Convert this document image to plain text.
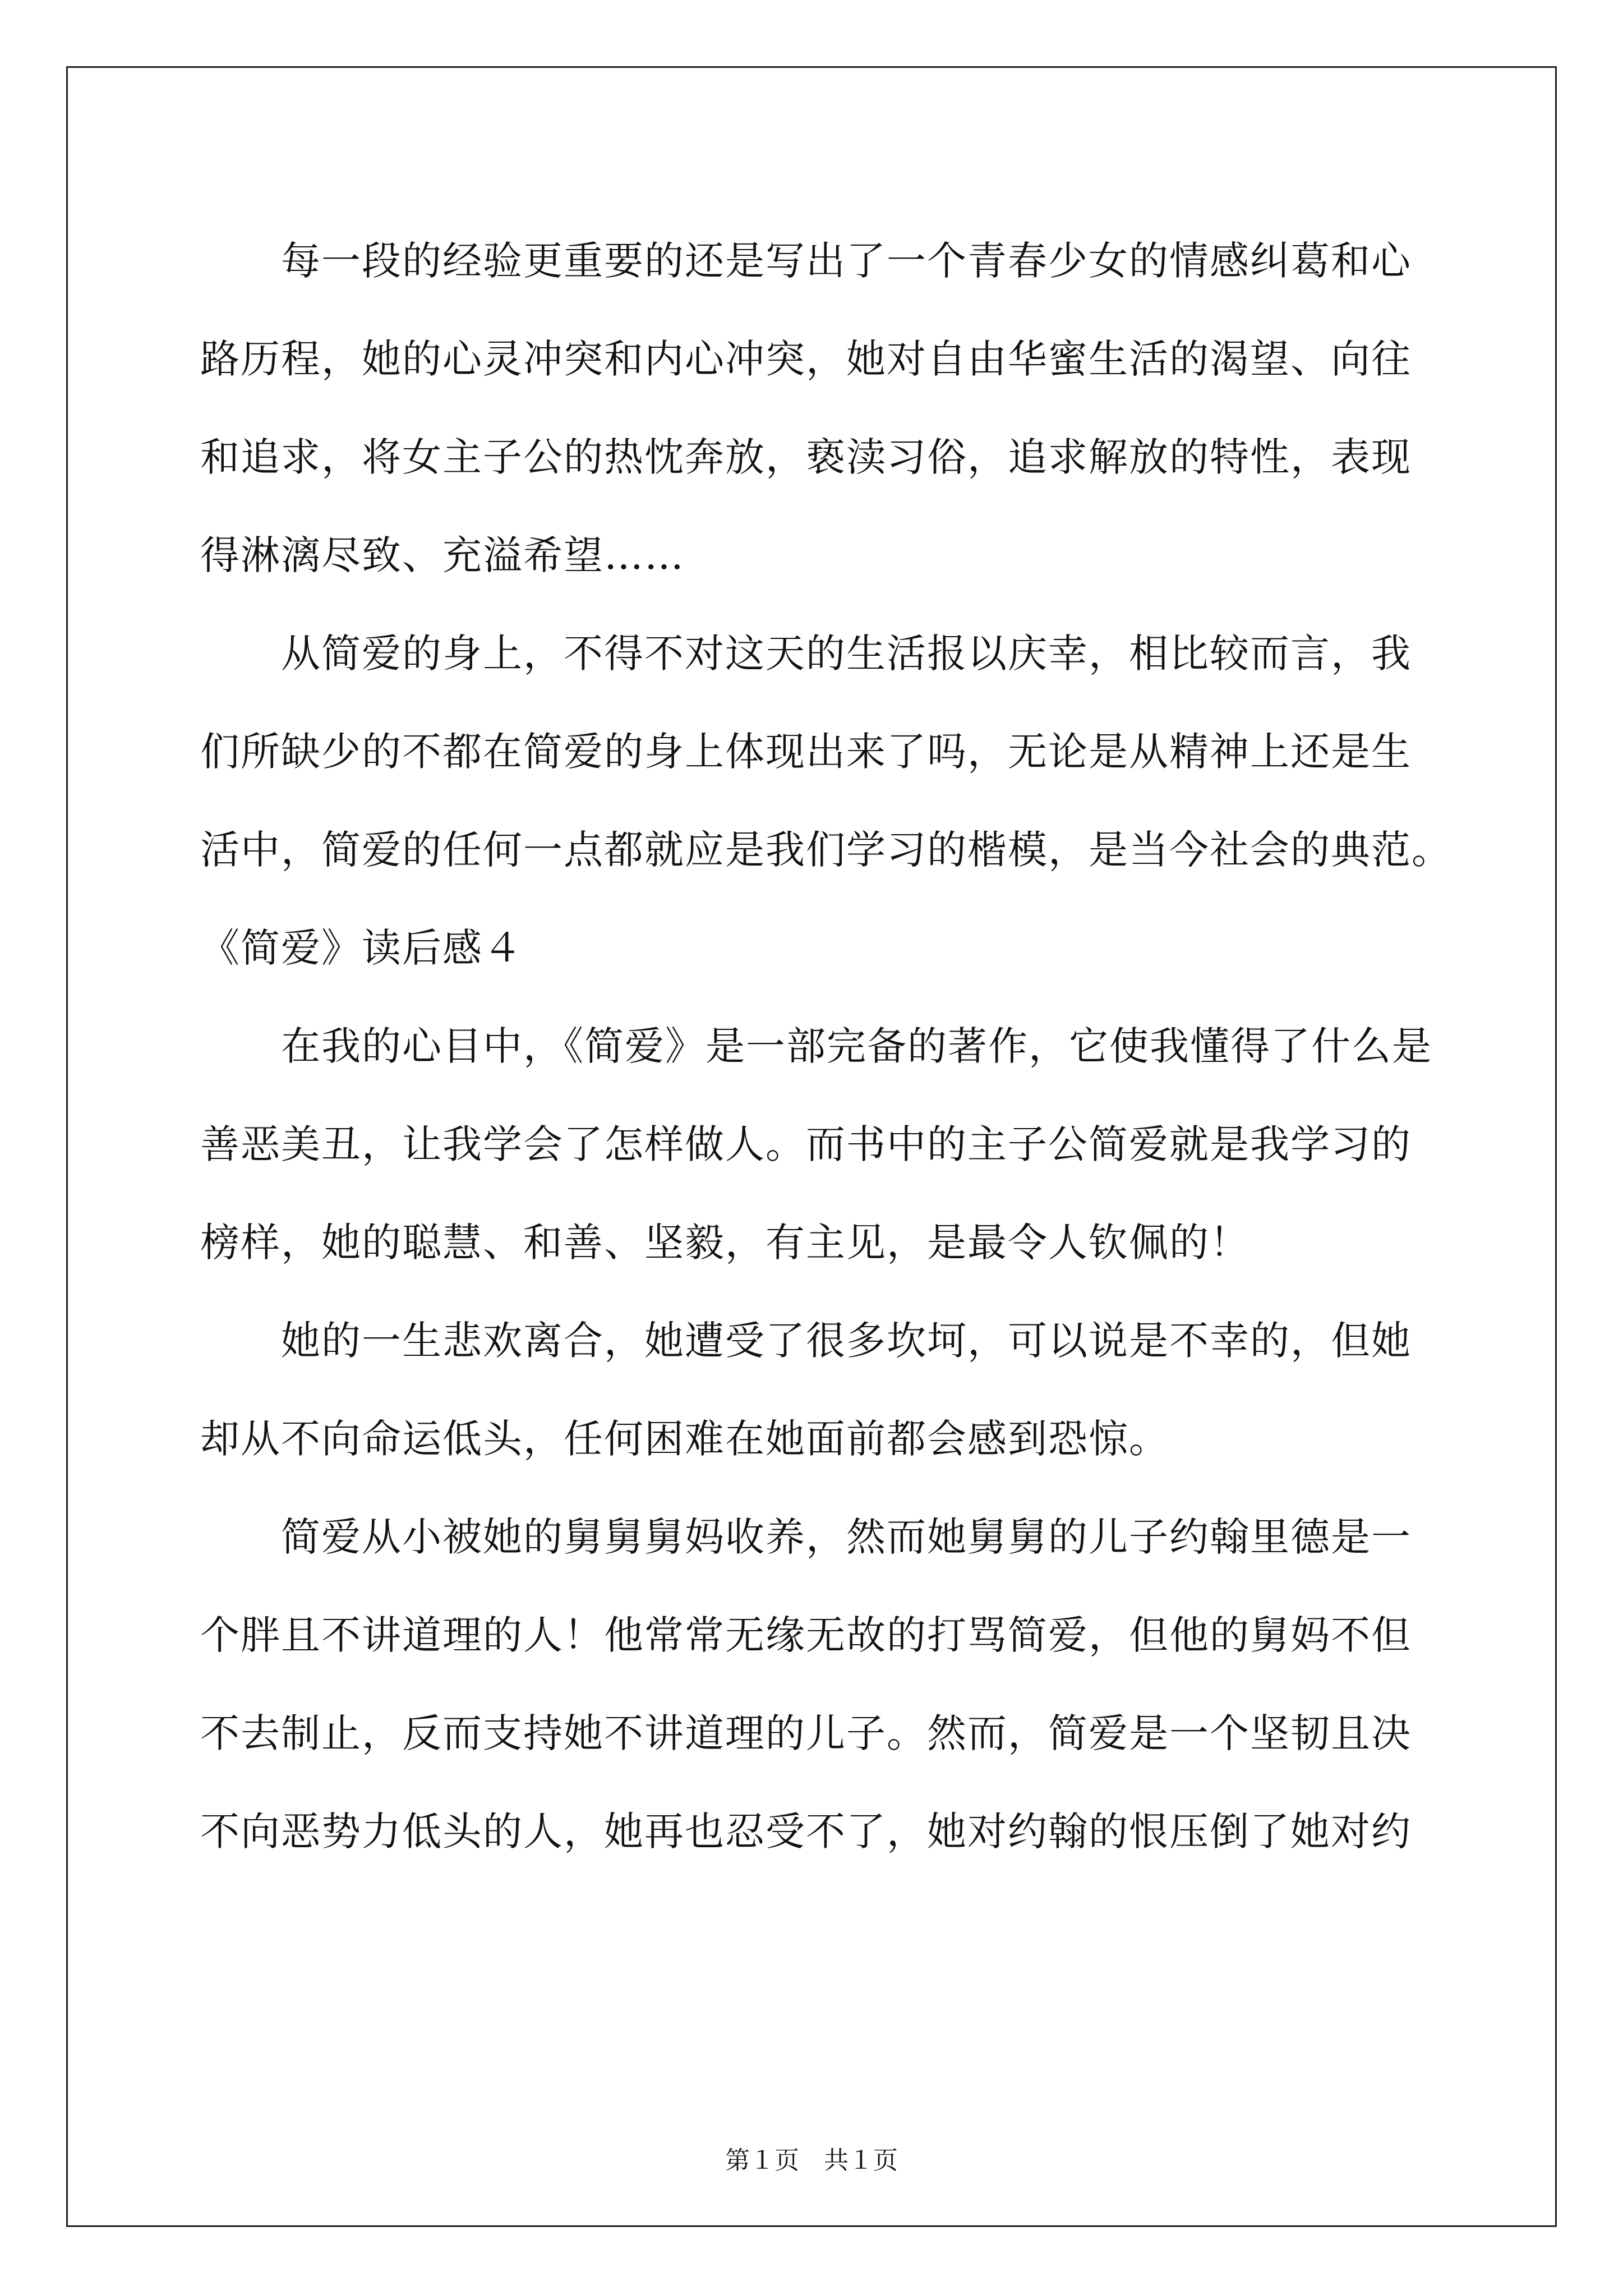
　　每一段的经验更重要的还是写出了一个青春少女的情感纠葛和心
路历程，她的心灵冲突和内心冲突，她对自由华蜜生活的渴望、向往
和追求，将女主子公的热忱奔放，亵渎习俗，追求解放的特性，表现
得淋漓尽致、充溢希望……
　　从简爱的身上，不得不对这天的生活报以庆幸，相比较而言，我
们所缺少的不都在简爱的身上体现出来了吗，无论是从精神上还是生
活中，简爱的任何一点都就应是我们学习的楷模，是当今社会的典范。
《简爱》读后感４
　　在我的心目中，《简爱》是一部完备的著作，它使我懂得了什么是
善恶美丑，让我学会了怎样做人。而书中的主子公简爱就是我学习的
榜样，她的聪慧、和善、坚毅，有主见，是最令人钦佩的！
　　她的一生悲欢离合，她遭受了很多坎坷，可以说是不幸的，但她
却从不向命运低头，任何困难在她面前都会感到恐惊。
　　简爱从小被她的舅舅舅妈收养，然而她舅舅的儿子约翰里德是一
个胖且不讲道理的人！他常常无缘无故的打骂简爱，但他的舅妈不但
不去制止，反而支持她不讲道理的儿子。然而，简爱是一个坚韧且决
不向恶势力低头的人，她再也忍受不了，她对约翰的恨压倒了她对约
第１页　共１页
